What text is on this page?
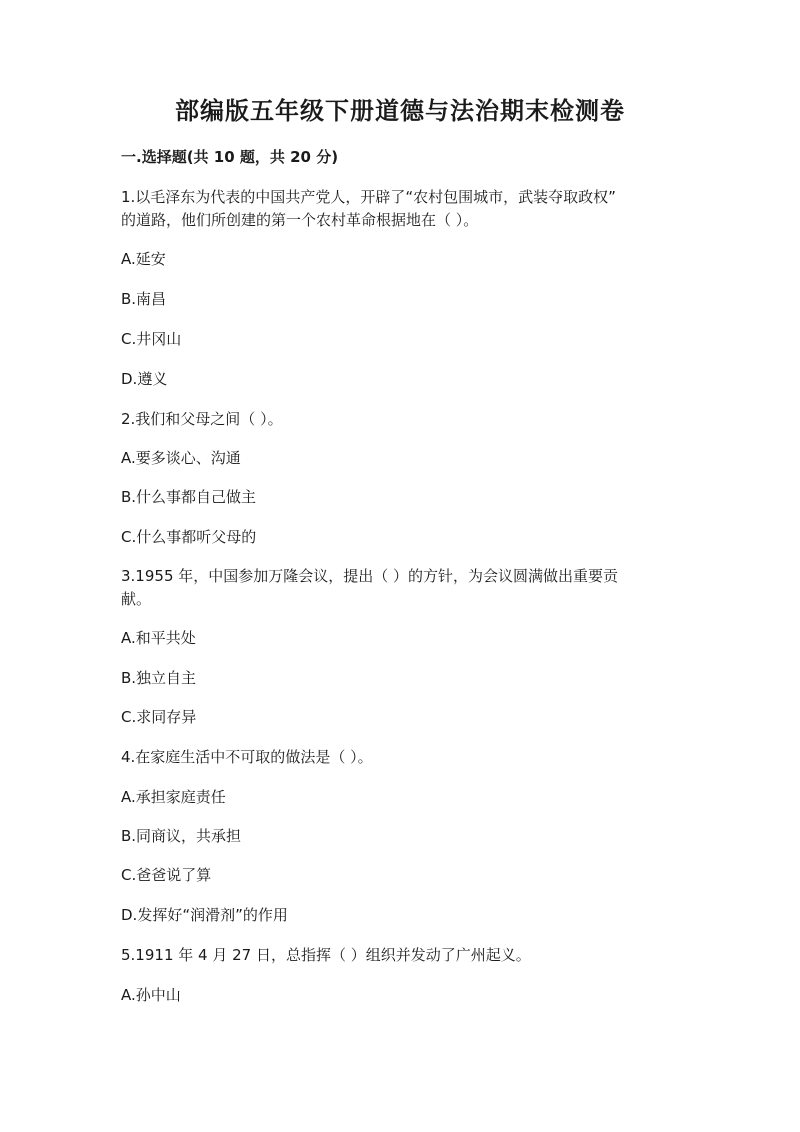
部编版五年级下册道德与法治期末检测卷
一.选择题(共 10 题，共 20 分)
1.以毛泽东为代表的中国共产党人，开辟了“农村包围城市，武装夺取政权”
的道路，他们所创建的第一个农村革命根据地在（ ）。
A.延安
B.南昌
C.井冈山
D.遵义
2.我们和父母之间（ ）。
A.要多谈心、沟通
B.什么事都自己做主
C.什么事都听父母的
3.1955 年，中国参加万隆会议，提出（ ）的方针，为会议圆满做出重要贡
献。
A.和平共处
B.独立自主
C.求同存异
4.在家庭生活中不可取的做法是（ ）。
A.承担家庭责任
B.同商议，共承担
C.爸爸说了算
D.发挥好“润滑剂”的作用
5.1911 年 4 月 27 日，总指挥（ ）组织并发动了广州起义。
A.孙中山
